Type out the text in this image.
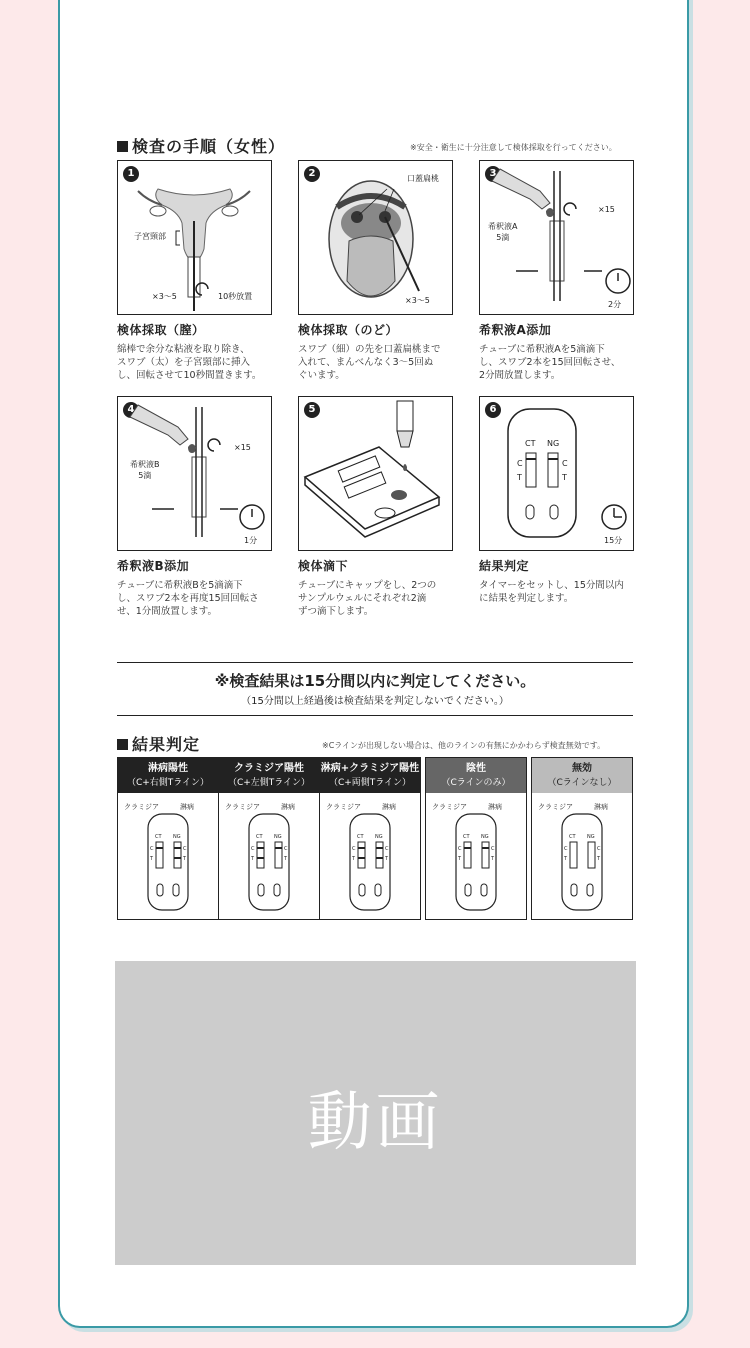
検査の手順（女性）	※安全・衛生に十分注意して検体採取を行ってください。
1
子宮頸部
×3～5	10秒放置
検体採取（膣）
綿棒で余分な粘液を取り除き、
スワブ（太）を子宮頸部に挿入
し、回転させて10秒間置きます。
2	口蓋扁桃
×3～5
検体採取（のど）
スワブ（細）の先を口蓋扁桃まで
入れて、まんべんなく3～5回ぬ
ぐいます。
3
希釈液A
5滴
×15
2分
希釈液A添加
チューブに希釈液Aを5滴滴下
し、スワブ2本を15回回転させ、
2分間放置します。
4
希釈液B
5滴
×15
1分
希釈液B添加
チューブに希釈液Bを5滴滴下
し、スワブ2本を再度15回回転さ
せ、1分間放置します。
5
検体滴下
チューブにキャップをし、2つの
サンプルウェルにそれぞれ2滴
ずつ滴下します。
6
CT NG
C
T
C
T
15分
結果判定
タイマーをセットし、15分間以内
に結果を判定します。
※検査結果は15分間以内に判定してください。
（15分間以上経過後は検査結果を判定しないでください。）
結果判定	※Cラインが出現しない場合は、他のラインの有無にかかわらず検査無効です。
淋病陽性
（C+右側Tライン）
クラミジア	淋病
CT NG
C
T
C
T
クラミジア陽性
（C+左側Tライン）
クラミジア	淋病
CT NG
C
T
C
T
淋病+クラミジア陽性
（C+両側Tライン）
クラミジア	淋病
CT NG
C
T
C
T
陰性
（Cラインのみ）
クラミジア	淋病
CT NG
C
T
C
T
無効
（Cラインなし）
クラミジア	淋病
CT NG
C
T
C
T
動画
